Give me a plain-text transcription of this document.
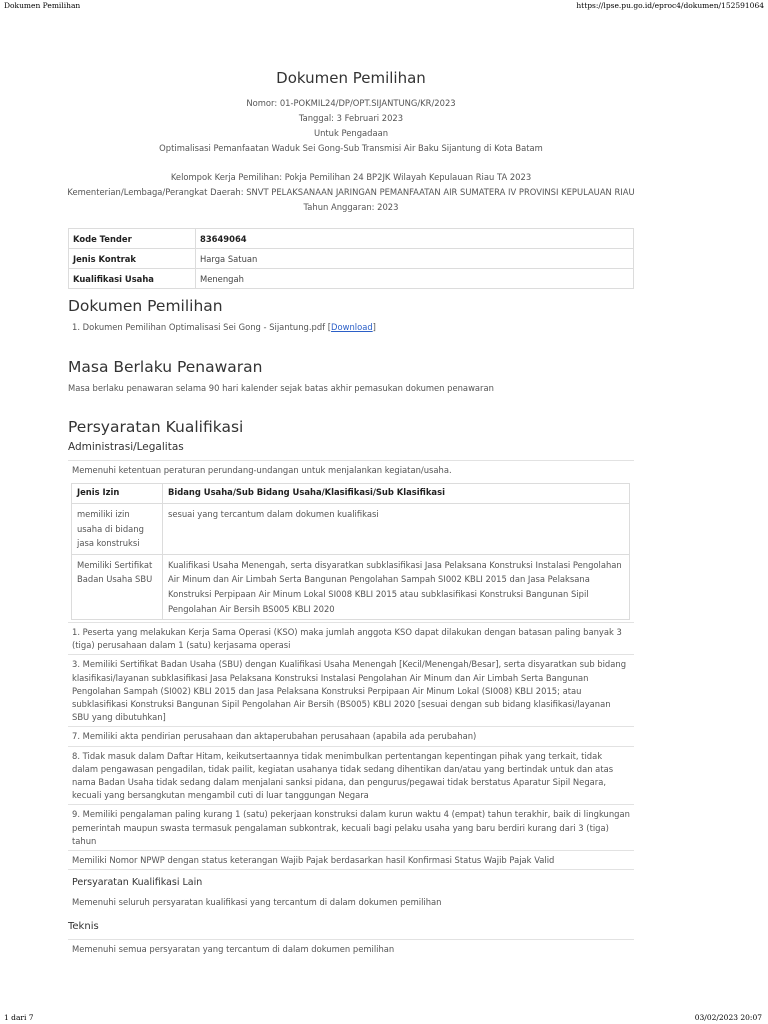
Dokumen Pemilihan	https://lpse.pu.go.id/eproc4/dokumen/152591064
Dokumen Pemilihan
Nomor: 01-POKMIL24/DP/OPT.SIJANTUNG/KR/2023
Tanggal: 3 Februari 2023
Untuk Pengadaan
Optimalisasi Pemanfaatan Waduk Sei Gong-Sub Transmisi Air Baku Sijantung di Kota Batam
Kelompok Kerja Pemilihan: Pokja Pemilihan 24 BP2JK Wilayah Kepulauan Riau TA 2023
Kementerian/Lembaga/Perangkat Daerah: SNVT PELAKSANAAN JARINGAN PEMANFAATAN AIR SUMATERA IV PROVINSI KEPULAUAN RIAU
Tahun Anggaran: 2023
Kode Tender	83649064
Jenis Kontrak	Harga Satuan
Kualifikasi Usaha	Menengah
Dokumen Pemilihan
1. Dokumen Pemilihan Optimalisasi Sei Gong - Sijantung.pdf [Download]
Masa Berlaku Penawaran
Masa berlaku penawaran selama 90 hari kalender sejak batas akhir pemasukan dokumen penawaran
Persyaratan Kualifikasi
Administrasi/Legalitas
Memenuhi ketentuan peraturan perundang-undangan untuk menjalankan kegiatan/usaha.
Jenis Izin	Bidang Usaha/Sub Bidang Usaha/Klasifikasi/Sub Klasifikasi
memiliki izin usaha di bidang jasa konstruksi	sesuai yang tercantum dalam dokumen kualifikasi
Memiliki Sertifikat Badan Usaha SBU	Kualifikasi Usaha Menengah, serta disyaratkan subklasifikasi Jasa Pelaksana Konstruksi Instalasi Pengolahan Air Minum dan Air Limbah Serta Bangunan Pengolahan Sampah SI002 KBLI 2015 dan Jasa Pelaksana Konstruksi Perpipaan Air Minum Lokal SI008 KBLI 2015 atau subklasifikasi Konstruksi Bangunan Sipil Pengolahan Air Bersih BS005 KBLI 2020
1. Peserta yang melakukan Kerja Sama Operasi (KSO) maka jumlah anggota KSO dapat dilakukan dengan batasan paling banyak 3 (tiga) perusahaan dalam 1 (satu) kerjasama operasi
3. Memiliki Sertifikat Badan Usaha (SBU) dengan Kualifikasi Usaha Menengah [Kecil/Menengah/Besar], serta disyaratkan sub bidang klasifikasi/layanan subklasifikasi Jasa Pelaksana Konstruksi Instalasi Pengolahan Air Minum dan Air Limbah Serta Bangunan Pengolahan Sampah (SI002) KBLI 2015 dan Jasa Pelaksana Konstruksi Perpipaan Air Minum Lokal (SI008) KBLI 2015; atau subklasifikasi Konstruksi Bangunan Sipil Pengolahan Air Bersih (BS005) KBLI 2020 [sesuai dengan sub bidang klasifikasi/layanan SBU yang dibutuhkan]
7. Memiliki akta pendirian perusahaan dan aktaperubahan perusahaan (apabila ada perubahan)
8. Tidak masuk dalam Daftar Hitam, keikutsertaannya tidak menimbulkan pertentangan kepentingan pihak yang terkait, tidak dalam pengawasan pengadilan, tidak pailit, kegiatan usahanya tidak sedang dihentikan dan/atau yang bertindak untuk dan atas nama Badan Usaha tidak sedang dalam menjalani sanksi pidana, dan pengurus/pegawai tidak berstatus Aparatur Sipil Negara, kecuali yang bersangkutan mengambil cuti di luar tanggungan Negara
9. Memiliki pengalaman paling kurang 1 (satu) pekerjaan konstruksi dalam kurun waktu 4 (empat) tahun terakhir, baik di lingkungan pemerintah maupun swasta termasuk pengalaman subkontrak, kecuali bagi pelaku usaha yang baru berdiri kurang dari 3 (tiga) tahun
Memiliki Nomor NPWP dengan status keterangan Wajib Pajak berdasarkan hasil Konfirmasi Status Wajib Pajak Valid
Persyaratan Kualifikasi Lain
Memenuhi seluruh persyaratan kualifikasi yang tercantum di dalam dokumen pemilihan
Teknis
Memenuhi semua persyaratan yang tercantum di dalam dokumen pemilihan
1 dari 7	03/02/2023 20:07
